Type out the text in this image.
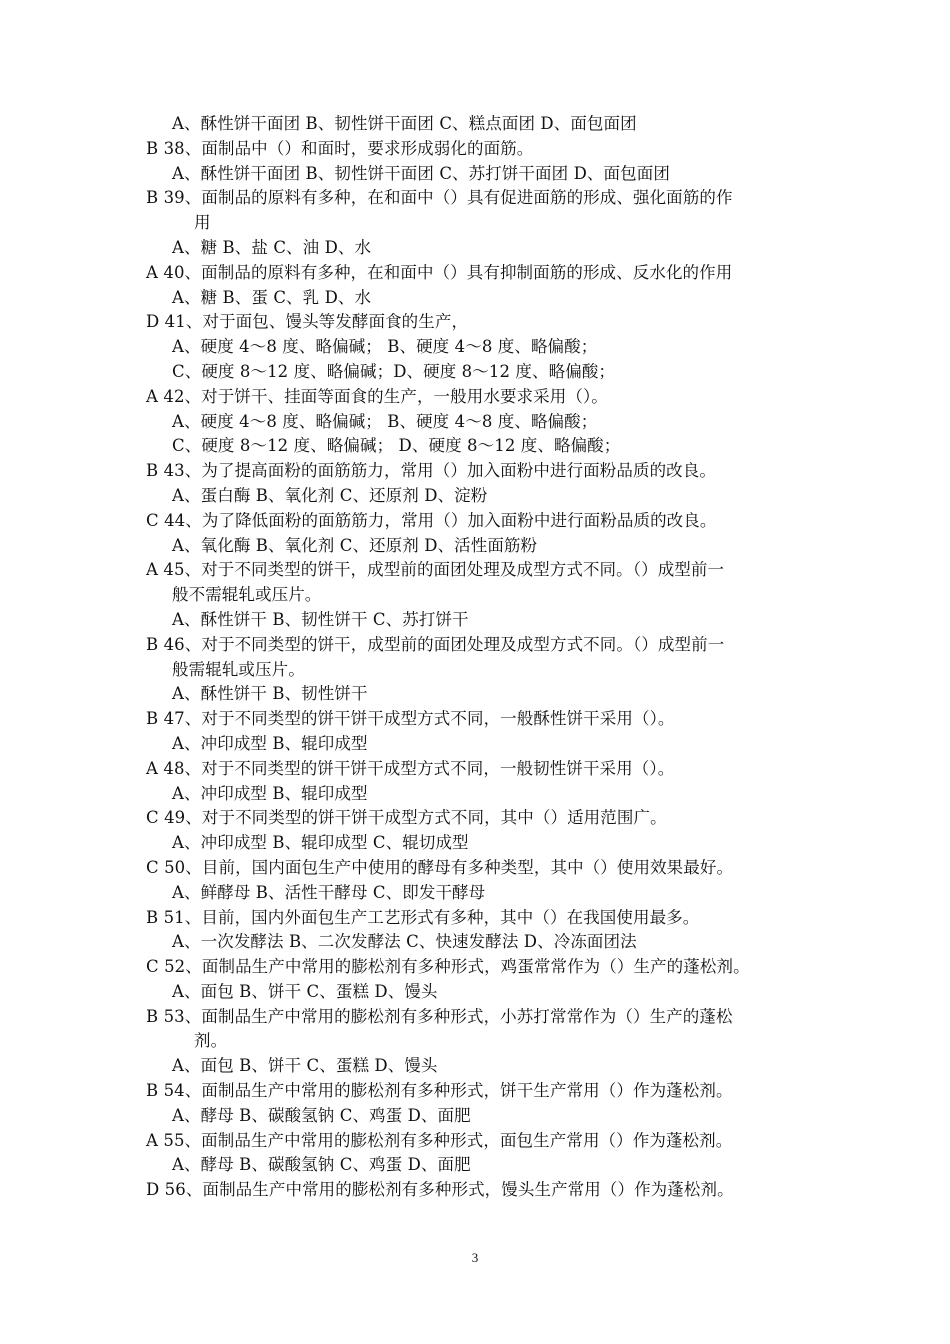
A、酥性饼干面团 B、韧性饼干面团 C、糕点面团 D、面包面团
B 38、面制品中（）和面时，要求形成弱化的面筋。
A、酥性饼干面团 B、韧性饼干面团 C、苏打饼干面团 D、面包面团
B 39、面制品的原料有多种，在和面中（）具有促进面筋的形成、强化面筋的作
用
A、糖 B、盐 C、油 D、水
A 40、面制品的原料有多种，在和面中（）具有抑制面筋的形成、反水化的作用
A、糖 B、蛋 C、乳 D、水
D 41、对于面包、馒头等发酵面食的生产，
A、硬度 4～8 度、略偏碱； B、硬度 4～8 度、略偏酸；
C、硬度 8～12 度、略偏碱；D、硬度 8～12 度、略偏酸；
A 42、对于饼干、挂面等面食的生产，一般用水要求采用（）。
A、硬度 4～8 度、略偏碱； B、硬度 4～8 度、略偏酸；
C、硬度 8～12 度、略偏碱； D、硬度 8～12 度、略偏酸；
B 43、为了提高面粉的面筋筋力，常用（）加入面粉中进行面粉品质的改良。
A、蛋白酶 B、氧化剂 C、还原剂 D、淀粉
C 44、为了降低面粉的面筋筋力，常用（）加入面粉中进行面粉品质的改良。
A、氧化酶 B、氧化剂 C、还原剂 D、活性面筋粉
A 45、对于不同类型的饼干，成型前的面团处理及成型方式不同。（）成型前一
般不需辊轧或压片。
A、酥性饼干 B、韧性饼干 C、苏打饼干
B 46、对于不同类型的饼干，成型前的面团处理及成型方式不同。（）成型前一
般需辊轧或压片。
A、酥性饼干 B、韧性饼干
B 47、对于不同类型的饼干饼干成型方式不同，一般酥性饼干采用（）。
A、冲印成型 B、辊印成型
A 48、对于不同类型的饼干饼干成型方式不同，一般韧性饼干采用（）。
A、冲印成型 B、辊印成型
C 49、对于不同类型的饼干饼干成型方式不同，其中（）适用范围广。
A、冲印成型 B、辊印成型 C、辊切成型
C 50、目前，国内面包生产中使用的酵母有多种类型，其中（）使用效果最好。
A、鲜酵母 B、活性干酵母 C、即发干酵母
B 51、目前，国内外面包生产工艺形式有多种，其中（）在我国使用最多。
A、一次发酵法 B、二次发酵法 C、快速发酵法 D、冷冻面团法
C 52、面制品生产中常用的膨松剂有多种形式，鸡蛋常常作为（）生产的蓬松剂。
A、面包 B、饼干 C、蛋糕 D、馒头
B 53、面制品生产中常用的膨松剂有多种形式，小苏打常常作为（）生产的蓬松
剂。
A、面包 B、饼干 C、蛋糕 D、馒头
B 54、面制品生产中常用的膨松剂有多种形式，饼干生产常用（）作为蓬松剂。
A、酵母 B、碳酸氢钠 C、鸡蛋 D、面肥
A 55、面制品生产中常用的膨松剂有多种形式，面包生产常用（）作为蓬松剂。
A、酵母 B、碳酸氢钠 C、鸡蛋 D、面肥
D 56、面制品生产中常用的膨松剂有多种形式，馒头生产常用（）作为蓬松剂。
3
